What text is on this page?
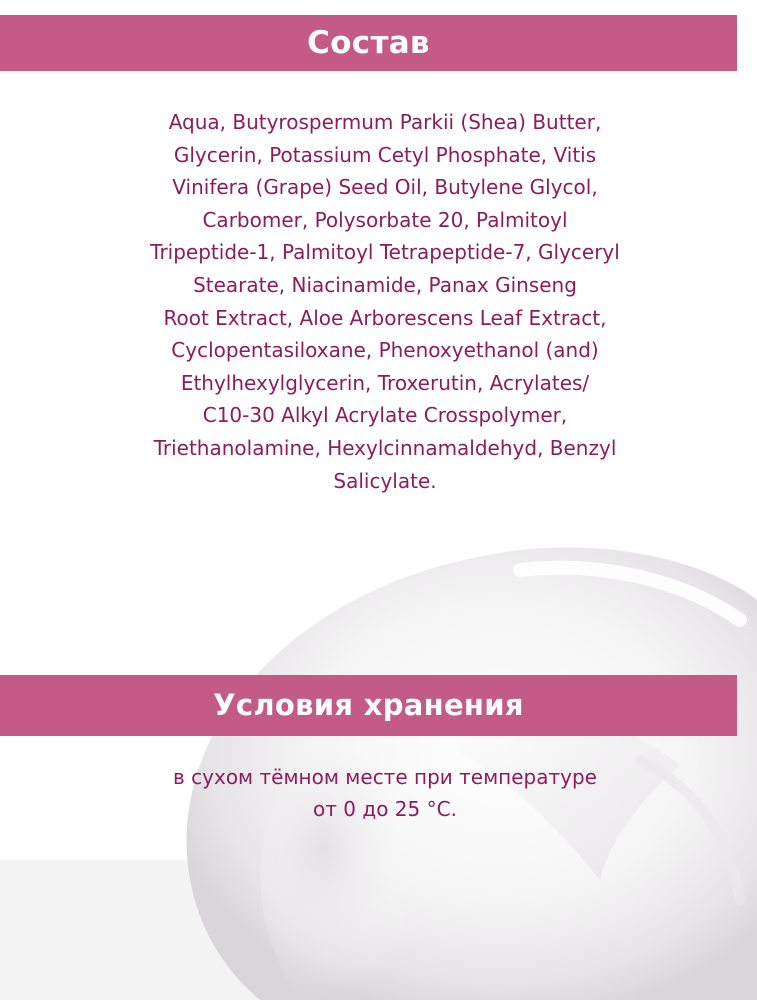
Состав

Aqua, Butyrospermum Parkii (Shea) Butter,
Glycerin, Potassium Cetyl Phosphate, Vitis
Vinifera (Grape) Seed Oil, Butylene Glycol,
Carbomer, Polysorbate 20, Palmitoyl
Tripeptide-1, Palmitoyl Tetrapeptide-7, Glyceryl
Stearate, Niacinamide, Panax Ginseng
Root Extract, Aloe Arborescens Leaf Extract,
Cyclopentasiloxane, Phenoxyethanol (and)
Ethylhexylglycerin, Troxerutin, Acrylates/
C10-30 Alkyl Acrylate Crosspolymer,
Triethanolamine, Hexylcinnamaldehyd, Benzyl
Salicylate.

Условия хранения

в сухом тёмном месте при температуре
от 0 до 25 °C.
